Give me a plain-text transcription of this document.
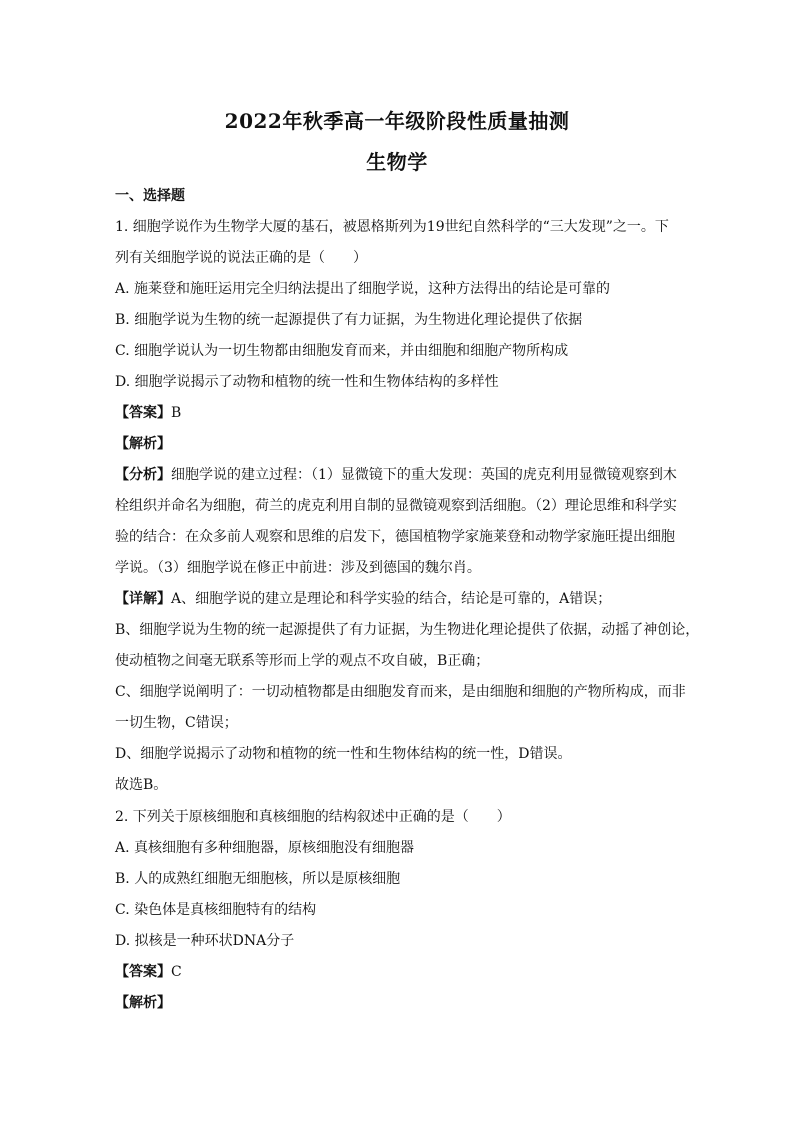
2022年秋季高一年级阶段性质量抽测
生物学
一、选择题
1. 细胞学说作为生物学大厦的基石，被恩格斯列为19世纪自然科学的“三大发现”之一。下
列有关细胞学说的说法正确的是（　　）
A. 施莱登和施旺运用完全归纳法提出了细胞学说，这种方法得出的结论是可靠的
B. 细胞学说为生物的统一起源提供了有力证据，为生物进化理论提供了依据
C. 细胞学说认为一切生物都由细胞发育而来，并由细胞和细胞产物所构成
D. 细胞学说揭示了动物和植物的统一性和生物体结构的多样性
【答案】B
【解析】
【分析】细胞学说的建立过程：（1）显微镜下的重大发现：英国的虎克利用显微镜观察到木
栓组织并命名为细胞，荷兰的虎克利用自制的显微镜观察到活细胞。（2）理论思维和科学实
验的结合：在众多前人观察和思维的启发下，德国植物学家施莱登和动物学家施旺提出细胞
学说。（3）细胞学说在修正中前进：涉及到德国的魏尔肖。
【详解】A、细胞学说的建立是理论和科学实验的结合，结论是可靠的，A错误；
B、细胞学说为生物的统一起源提供了有力证据，为生物进化理论提供了依据，动摇了神创论，
使动植物之间毫无联系等形而上学的观点不攻自破，B正确；
C、细胞学说阐明了：一切动植物都是由细胞发育而来，是由细胞和细胞的产物所构成，而非
一切生物，C错误；
D、细胞学说揭示了动物和植物的统一性和生物体结构的统一性，D错误。
故选B。
2. 下列关于原核细胞和真核细胞的结构叙述中正确的是（　　）
A. 真核细胞有多种细胞器，原核细胞没有细胞器
B. 人的成熟红细胞无细胞核，所以是原核细胞
C. 染色体是真核细胞特有的结构
D. 拟核是一种环状DNA分子
【答案】C
【解析】
